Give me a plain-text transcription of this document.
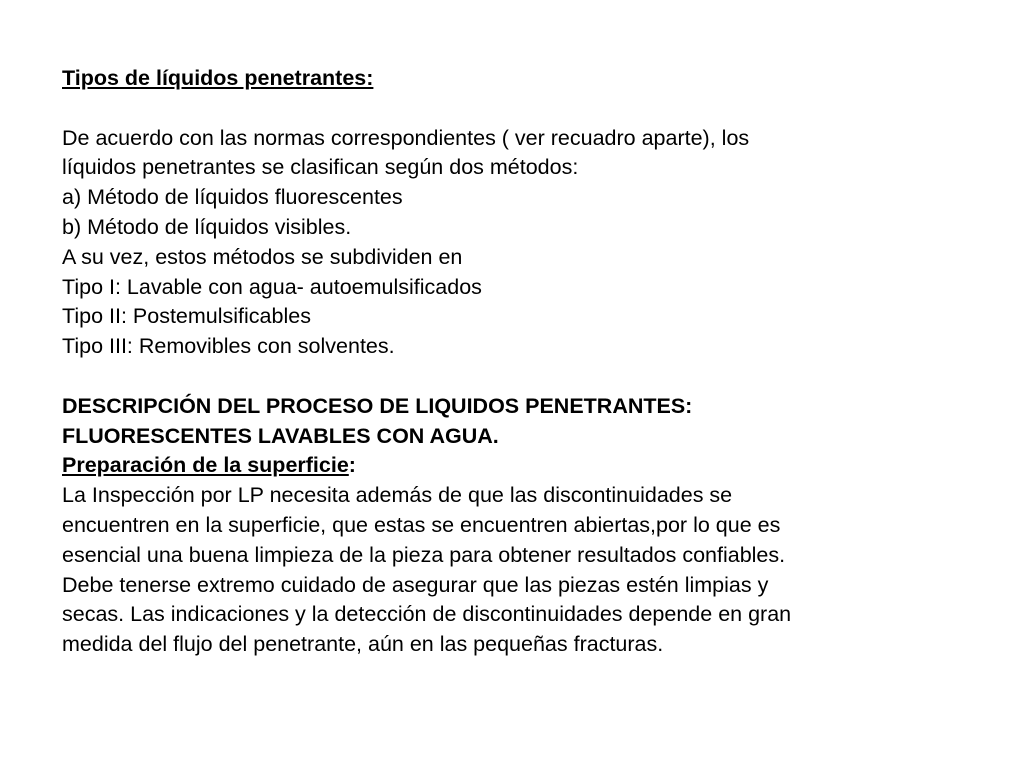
Tipos de líquidos penetrantes:
De acuerdo con las normas correspondientes ( ver recuadro aparte), los
líquidos penetrantes se clasifican según dos métodos:
a) Método de líquidos fluorescentes
b) Método de líquidos visibles.
A su vez, estos métodos se subdividen en
Tipo I: Lavable con agua- autoemulsificados
Tipo II: Postemulsificables
Tipo III: Removibles con solventes.
DESCRIPCIÓN DEL PROCESO DE LIQUIDOS PENETRANTES:
FLUORESCENTES LAVABLES CON AGUA.
Preparación de la superficie:
La Inspección por LP necesita además de que las discontinuidades se
encuentren en la superficie, que estas se encuentren abiertas,por lo que es
esencial una buena limpieza de la pieza para obtener resultados confiables.
Debe tenerse extremo cuidado de asegurar que las piezas estén limpias y
secas. Las indicaciones y la detección de discontinuidades depende en gran
medida del flujo del penetrante, aún en las pequeñas fracturas.
